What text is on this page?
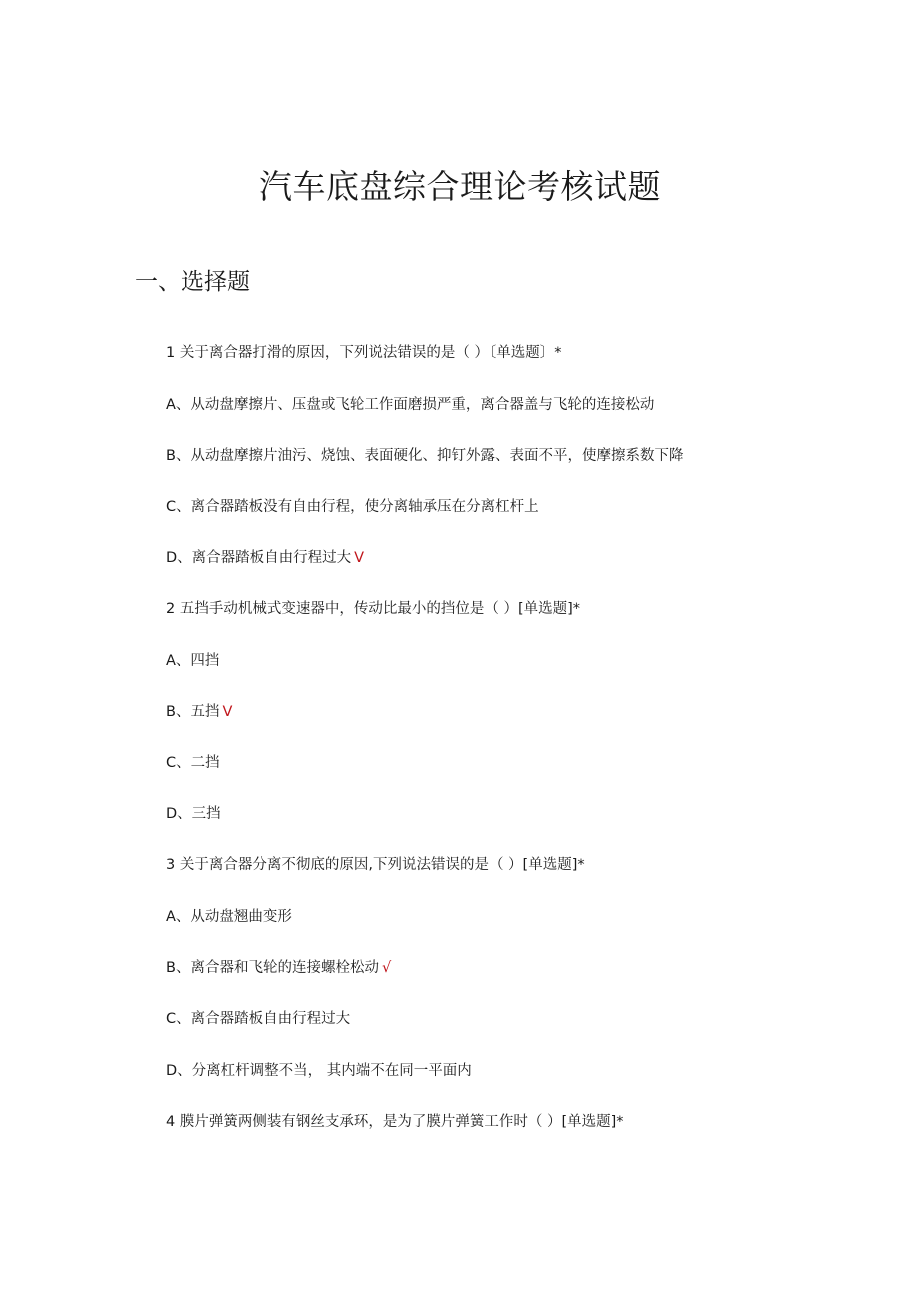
汽车底盘综合理论考核试题
一、选择题

1 关于离合器打滑的原因，下列说法错误的是（ ）〔单选题〕*

A、从动盘摩擦片、压盘或飞轮工作面磨损严重，离合器盖与飞轮的连接松动

B、从动盘摩擦片油污、烧蚀、表面硬化、抑钉外露、表面不平，使摩擦系数下降

C、离合器踏板没有自由行程，使分离轴承压在分离杠杆上

D、离合器踏板自由行程过大 V

2 五挡手动机械式变速器中，传动比最小的挡位是（ ）[单选题]*

A、四挡

B、五挡 V

C、二挡

D、三挡

3 关于离合器分离不彻底的原因,下列说法错误的是（ ）[单选题]*

A、从动盘翘曲变形

B、离合器和飞轮的连接螺栓松动 √

C、离合器踏板自由行程过大

D、分离杠杆调整不当， 其内端不在同一平面内

4 膜片弹簧两侧装有钢丝支承环，是为了膜片弹簧工作时（ ）[单选题]*
